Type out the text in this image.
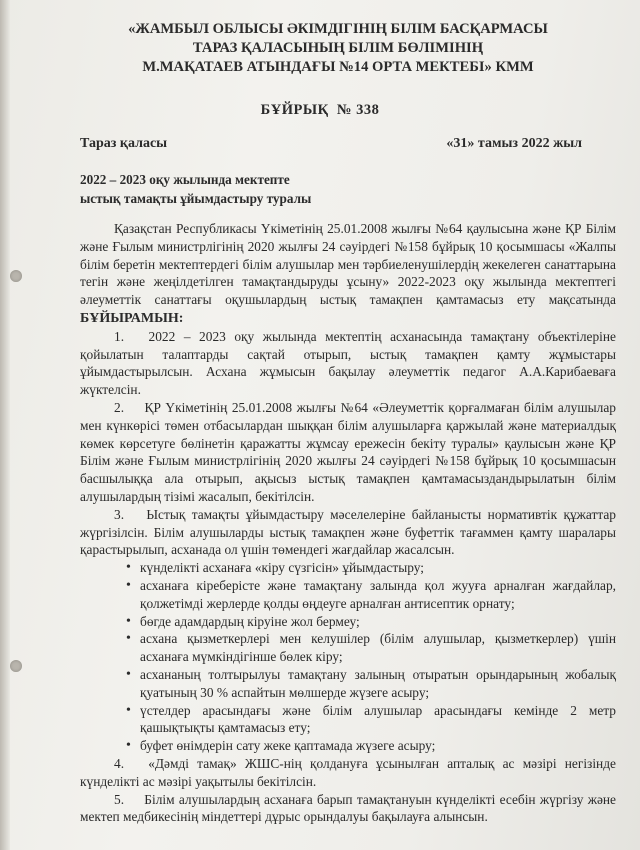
«ЖАМБЫЛ ОБЛЫСЫ ӘКІМДІГІНІҢ БІЛІМ БАСҚАРМАСЫ
ТАРАЗ ҚАЛАСЫНЫҢ БІЛІМ БӨЛІМІНІҢ
М.МАҚАТАЕВ АТЫНДАҒЫ №14 ОРТА МЕКТЕБІ» КММ
БҰЙРЫҚ  № 338
Тараз қаласы	«31» тамыз 2022 жыл
2022 – 2023 оқу жылында мектепте
ыстық тамақты ұйымдастыру туралы

Қазақстан Республикасы Үкіметінің 25.01.2008 жылғы №64 қаулысына және ҚР Білім және Ғылым министрлігінің 2020 жылғы 24 сәуірдегі №158 бұйрық 10 қосымшасы «Жалпы білім беретін мектептердегі білім алушылар мен тәрбиеленушілердің жекелеген санаттарына тегін және жеңілдетілген тамақтандыруды ұсыну» 2022-2023 оқу жылында мектептегі әлеуметтік санаттағы оқушылардың ыстық тамақпен қамтамасыз ету мақсатында БҰЙЫРАМЫН:

1. 2022 – 2023 оқу жылында мектептің асханасында тамақтану объектілеріне қойылатын талаптарды сақтай отырып, ыстық тамақпен қамту жұмыстары ұйымдастырылсын. Асхана жұмысын бақылау әлеуметтік педагог А.А.Карибаеваға жүктелсін.

2. ҚР Үкіметінің 25.01.2008 жылғы №64 «Әлеуметтік қорғалмаған білім алушылар мен күнкөрісі төмен отбасылардан шыққан білім алушыларға қаржылай және материалдық көмек көрсетуге бөлінетін қаражатты жұмсау ережесін бекіту туралы» қаулысын және ҚР Білім және Ғылым министрлігінің 2020 жылғы 24 сәуірдегі №158 бұйрық 10 қосымшасын басшылыққа ала отырып, ақысыз ыстық тамақпен қамтамасыздандырылатын білім алушылардың тізімі жасалып, бекітілсін.

3. Ыстық тамақты ұйымдастыру мәселелеріне байланысты нормативтік құжаттар жүргізілсін. Білім алушыларды ыстық тамақпен және буфеттік тағаммен қамту шаралары қарастырылып, асханада ол үшін төмендегі жағдайлар жасалсын.

• күнделікті асханаға «кіру сүзгісін» ұйымдастыру;
• асханаға кіреберісте және тамақтану залында қол жууға арналған жағдайлар, қолжетімді жерлерде қолды өңдеуге арналған антисептик орнату;
• бөгде адамдардың кіруіне жол бермеу;
• асхана қызметкерлері мен келушілер (білім алушылар, қызметкерлер) үшін асханаға мүмкіндігінше бөлек кіру;
• асхананың толтырылуы тамақтану залының отыратын орындарының жобалық қуатының 30 % аспайтын мөлшерде жүзеге асыру;
• үстелдер арасындағы және білім алушылар арасындағы кемінде 2 метр қашықтықты қамтамасыз ету;
• буфет өнімдерін сату жеке қаптамада жүзеге асыру;

4. «Дәмді тамақ» ЖШС-нің қолдануға ұсынылған апталық ас мәзірі негізінде күнделікті ас мәзірі уақытылы бекітілсін.

5. Білім алушылардың асханаға барып тамақтануын күнделікті есебін жүргізу және мектеп медбикесінің міндеттері дұрыс орындалуы бақылауға алынсын.
